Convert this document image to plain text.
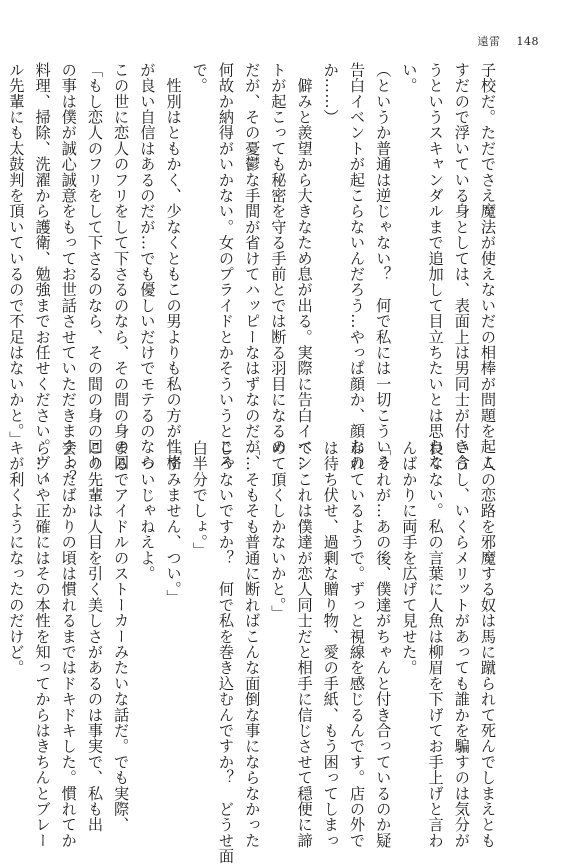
遠雷 148
子校だ。ただでさえ魔法が使えないだの相棒が問題を起こ
すだので浮いている身としては、表面上は男同士が付き合
うというスキャンダルまで追加して目立ちたいとは思わな
い。
（というか普通は逆じゃない？　何で私には一切こういう
告白イベントが起こらないんだろう…やっぱ顔か、顔なの
か……）
　僻みと羨望から大きなため息が出る。実際に告白イベン
トが起こっても秘密を守る手前とでは断る羽目になるの
だが、その憂鬱な手間が省けてハッピーなはずなのだが、
何故か納得がいかない。女のプライドとかそういうところ
で。
　性別はともかく、少なくともこの男よりも私の方が性格
が良い自信はあるのだが…でも優しいだけでモテるのなら
この世に恋人のフリをして下さるのなら、その間の身の回
「もし恋人のフリをして下さるのなら、その間の身の回り
の事は僕が誠心誠意をもってお世話させていただきますよ？
料理、掃除、洗濯から護衛、勉強までお任せください。ヴィ
ル先輩にも太鼓判を頂いているので不足はないかと。」

　人の恋路を邪魔する奴は馬に蹴られて死んでしまえとも
いうし、いくらメリットがあっても誰かを騙すのは気分が
良くない。私の言葉に人魚は柳眉を下げてお手上げと言わ
んばかりに両手を広げて見せた。
「それが…あの後、僕達がちゃんと付き合っているのか疑
われているようで。ずっと視線を感じるんです。店の外で
は待ち伏せ、過剰な贈り物、愛の手紙、もう困ってしまっ
て…これは僕達が恋人同士だと相手に信じさせて穏便に諦
めて頂くしかないかと。」
「…そもそも普通に断ればこんな面倒な事にならなかった
じゃないですか？　何で私を巻き込むんですか？　どうせ面
白半分でしょ。」
「すみません、つい。」
　ついじゃねえよ。
まるでアイドルのストーカーみたいな話だ。でも実際、
この先輩は人目を引く美しさがあるのは事実で、私も出
会ったばかりの頃は慣れるまではドキドキした。慣れてか
ら…いや正確にはその本性を知ってからはきちんとブレー
キが利くようになったのだけど。
